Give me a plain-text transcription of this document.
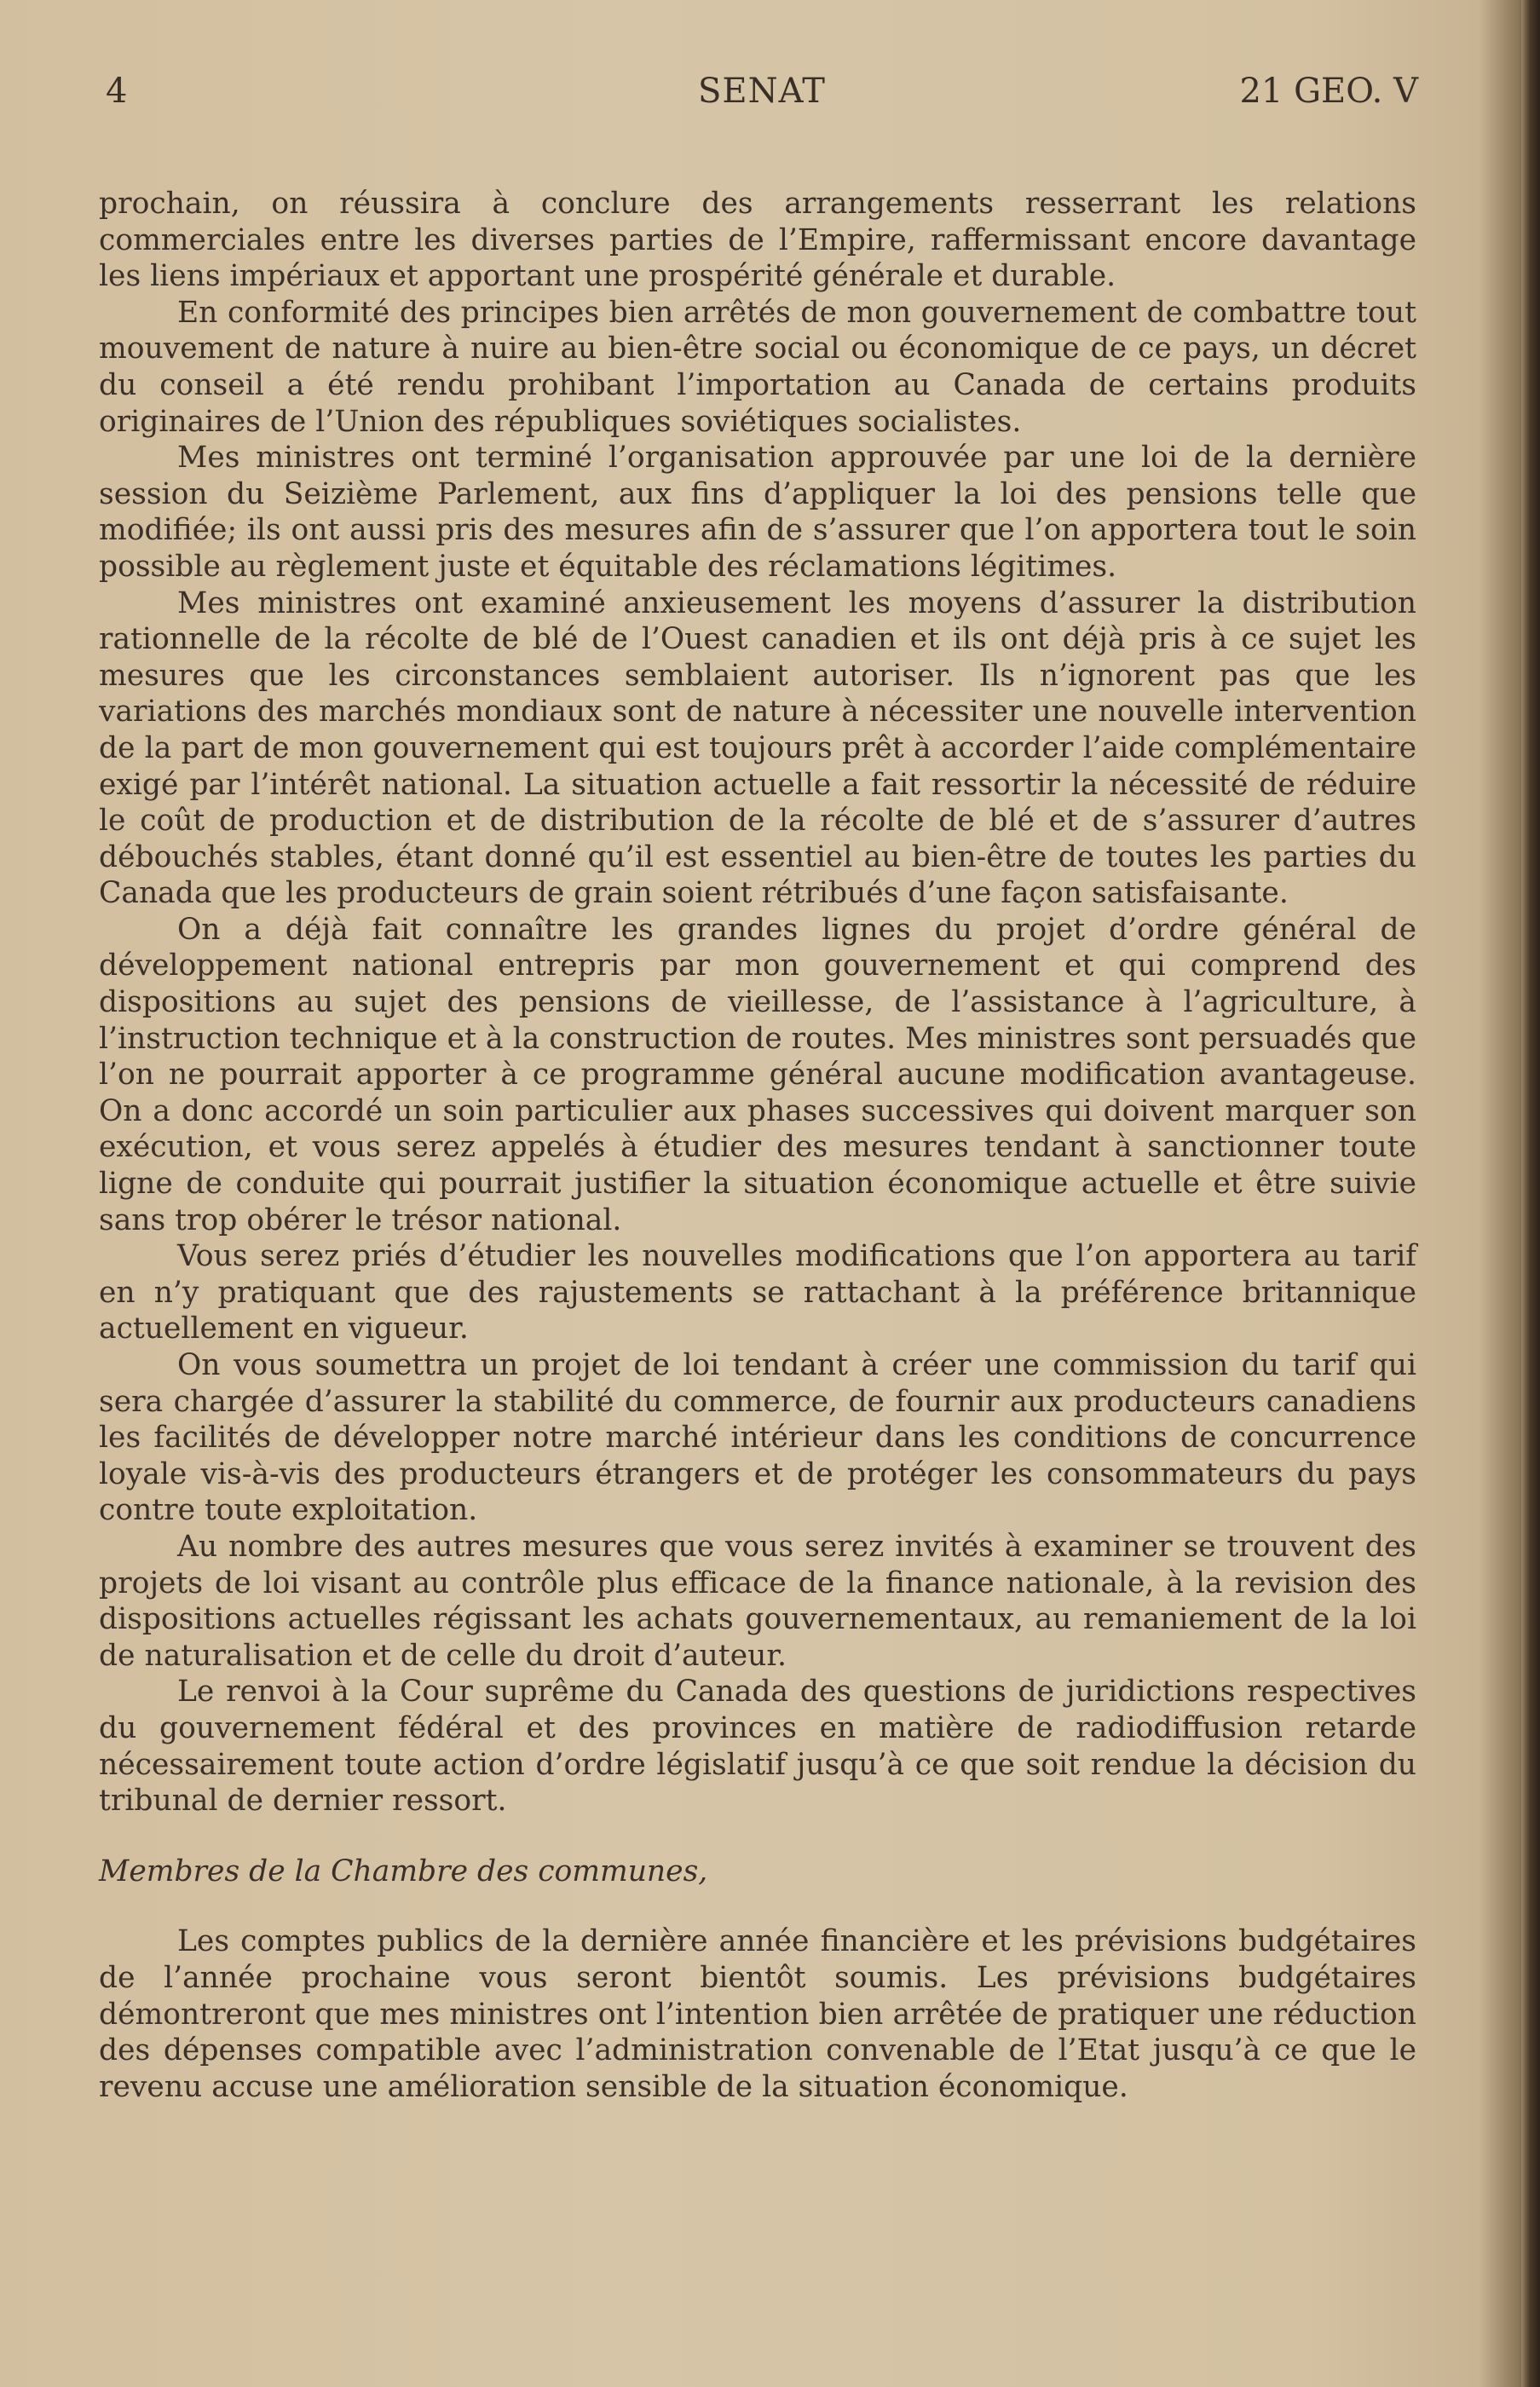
4	SENAT	21 GEO. V

prochain, on réussira à conclure des arrangements resserrant les relations commerciales entre les diverses parties de l’Empire, raffermissant encore davantage les liens impériaux et apportant une prospérité générale et durable.

En conformité des principes bien arrêtés de mon gouvernement de combattre tout mouvement de nature à nuire au bien-être social ou économique de ce pays, un décret du conseil a été rendu prohibant l’importation au Canada de certains produits originaires de l’Union des républiques soviétiques socialistes.

Mes ministres ont terminé l’organisation approuvée par une loi de la dernière session du Seizième Parlement, aux fins d’appliquer la loi des pensions telle que modifiée; ils ont aussi pris des mesures afin de s’assurer que l’on apportera tout le soin possible au règlement juste et équitable des réclamations légitimes.

Mes ministres ont examiné anxieusement les moyens d’assurer la distribution rationnelle de la récolte de blé de l’Ouest canadien et ils ont déjà pris à ce sujet les mesures que les circonstances semblaient autoriser. Ils n’ignorent pas que les variations des marchés mondiaux sont de nature à nécessiter une nouvelle intervention de la part de mon gouvernement qui est toujours prêt à accorder l’aide complémentaire exigé par l’intérêt national. La situation actuelle a fait ressortir la nécessité de réduire le coût de production et de distribution de la récolte de blé et de s’assurer d’autres débouchés stables, étant donné qu’il est essentiel au bien-être de toutes les parties du Canada que les producteurs de grain soient rétribués d’une façon satisfaisante.

On a déjà fait connaître les grandes lignes du projet d’ordre général de développement national entrepris par mon gouvernement et qui comprend des dispositions au sujet des pensions de vieillesse, de l’assistance à l’agriculture, à l’instruction technique et à la construction de routes. Mes ministres sont persuadés que l’on ne pourrait apporter à ce programme général aucune modification avantageuse. On a donc accordé un soin particulier aux phases successives qui doivent marquer son exécution, et vous serez appelés à étudier des mesures tendant à sanctionner toute ligne de conduite qui pourrait justifier la situation économique actuelle et être suivie sans trop obérer le trésor national.

Vous serez priés d’étudier les nouvelles modifications que l’on apportera au tarif en n’y pratiquant que des rajustements se rattachant à la préférence britannique actuellement en vigueur.

On vous soumettra un projet de loi tendant à créer une commission du tarif qui sera chargée d’assurer la stabilité du commerce, de fournir aux producteurs canadiens les facilités de développer notre marché intérieur dans les conditions de concurrence loyale vis-à-vis des producteurs étrangers et de protéger les consommateurs du pays contre toute exploitation.

Au nombre des autres mesures que vous serez invités à examiner se trouvent des projets de loi visant au contrôle plus efficace de la finance nationale, à la revision des dispositions actuelles régissant les achats gouvernementaux, au remaniement de la loi de naturalisation et de celle du droit d’auteur.

Le renvoi à la Cour suprême du Canada des questions de juridictions respectives du gouvernement fédéral et des provinces en matière de radiodiffusion retarde nécessairement toute action d’ordre législatif jusqu’à ce que soit rendue la décision du tribunal de dernier ressort.

Membres de la Chambre des communes,

Les comptes publics de la dernière année financière et les prévisions budgétaires de l’année prochaine vous seront bientôt soumis. Les prévisions budgétaires démontreront que mes ministres ont l’intention bien arrêtée de pratiquer une réduction des dépenses compatible avec l’administration convenable de l’Etat jusqu’à ce que le revenu accuse une amélioration sensible de la situation économique.
